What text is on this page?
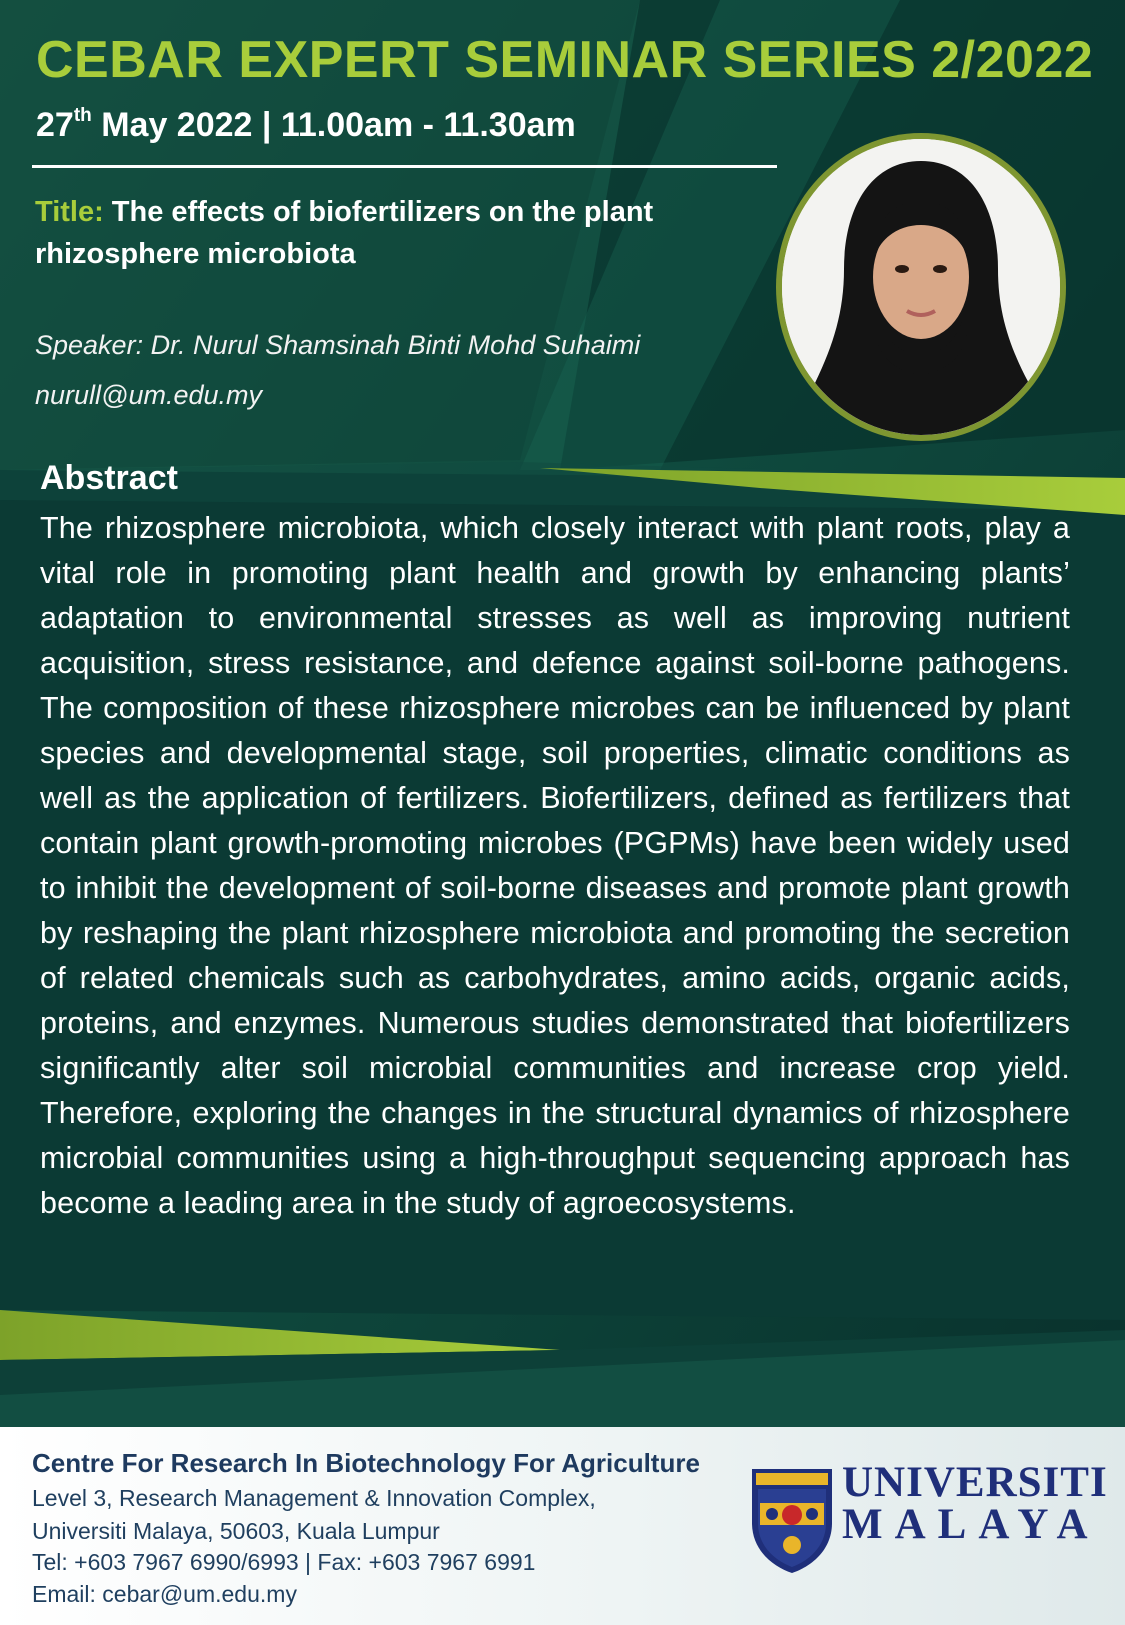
CEBAR EXPERT SEMINAR SERIES 2/2022
27th May 2022 | 11.00am - 11.30am
Title: The effects of biofertilizers on the plant rhizosphere microbiota
Speaker: Dr. Nurul Shamsinah Binti Mohd Suhaimi
nurull@um.edu.my
Abstract
The rhizosphere microbiota, which closely interact with plant roots, play a vital role in promoting plant health and growth by enhancing plants’ adaptation to environmental stresses as well as improving nutrient acquisition, stress resistance, and defence against soil-borne pathogens. The composition of these rhizosphere microbes can be influenced by plant species and developmental stage, soil properties, climatic conditions as well as the application of fertilizers. Biofertilizers, defined as fertilizers that contain plant growth-promoting microbes (PGPMs) have been widely used to inhibit the development of soil-borne diseases and promote plant growth by reshaping the plant rhizosphere microbiota and promoting the secretion of related chemicals such as carbohydrates, amino acids, organic acids, proteins, and enzymes. Numerous studies demonstrated that biofertilizers significantly alter soil microbial communities and increase crop yield. Therefore, exploring the changes in the structural dynamics of rhizosphere microbial communities using a high-throughput sequencing approach has become a leading area in the study of agroecosystems.
Centre For Research In Biotechnology For Agriculture
Level 3, Research Management & Innovation Complex,
Universiti Malaya, 50603, Kuala Lumpur
Tel: +603 7967 6990/6993 | Fax: +603 7967 6991
Email: cebar@um.edu.my
UNIVERSITI
MALAYA
